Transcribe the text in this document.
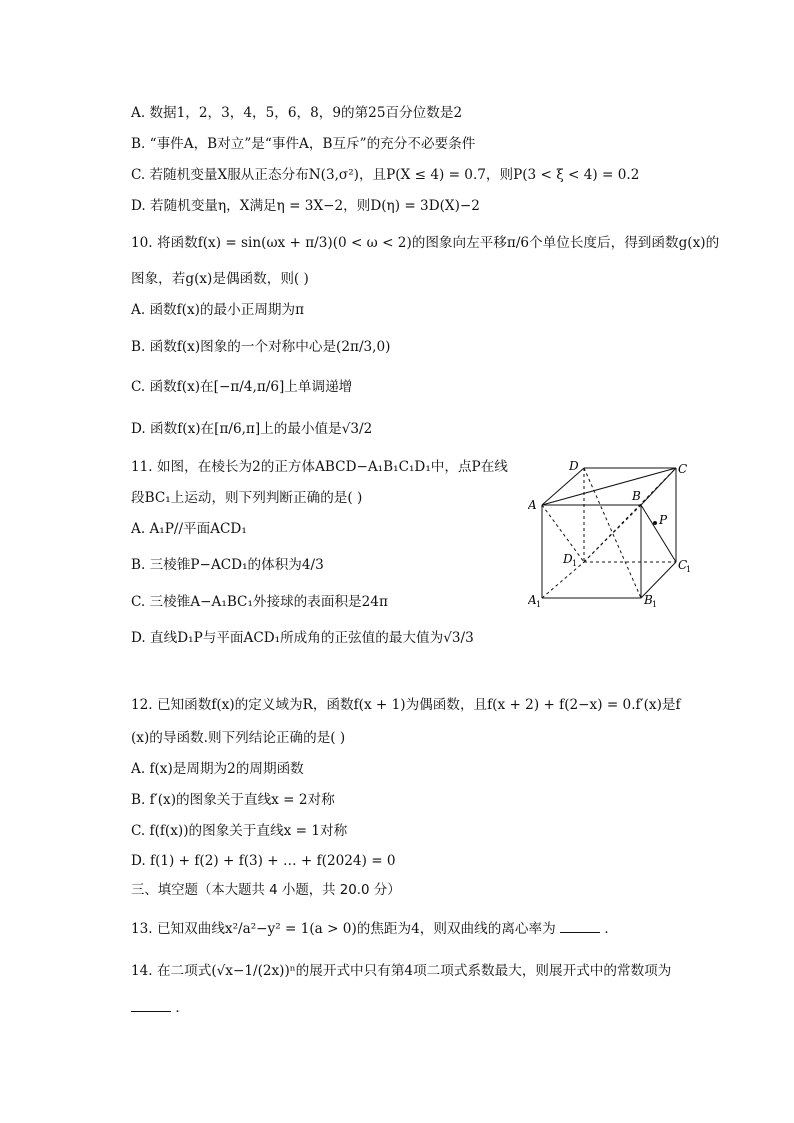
A. 数据1，2，3，4，5，6，8，9的第25百分位数是2
B. “事件A，B对立”是“事件A，B互斥”的充分不必要条件
C. 若随机变量X服从正态分布N(3,σ²)，且P(X ≤ 4) = 0.7，则P(3 < ξ < 4) = 0.2
D. 若随机变量η，X满足η = 3X−2，则D(η) = 3D(X)−2
10. 将函数f(x) = sin(ωx + π/3)(0 < ω < 2)的图象向左平移π/6个单位长度后，得到函数g(x)的
图象，若g(x)是偶函数，则( )
A. 函数f(x)的最小正周期为π
B. 函数f(x)图象的一个对称中心是(2π/3,0)
C. 函数f(x)在[−π/4,π/6]上单调递增
D. 函数f(x)在[π/6,π]上的最小值是√3/2
11. 如图，在棱长为2的正方体ABCD−A₁B₁C₁D₁中，点P在线
段BC₁上运动，则下列判断正确的是( )
A. A₁P//平面ACD₁
B. 三棱锥P−ACD₁的体积为4/3
C. 三棱锥A−A₁BC₁外接球的表面积是24π
D. 直线D₁P与平面ACD₁所成角的正弦值的最大值为√3/3
A
B
C
D
P
D 1	C
1
A 1	B 1
12. 已知函数f(x)的定义域为R，函数f(x + 1)为偶函数，且f(x + 2) + f(2−x) = 0.f′(x)是f
(x)的导函数.则下列结论正确的是( )
A. f(x)是周期为2的周期函数
B. f′(x)的图象关于直线x = 2对称
C. f(f(x))的图象关于直线x = 1对称
D. f(1) + f(2) + f(3) + … + f(2024) = 0
三、填空题（本大题共 4 小题，共 20.0 分）
13. 已知双曲线x²/a²−y² = 1(a > 0)的焦距为4，则双曲线的离心率为	．
14. 在二项式(√x−1/(2x))ⁿ的展开式中只有第4项二项式系数最大，则展开式中的常数项为
．
